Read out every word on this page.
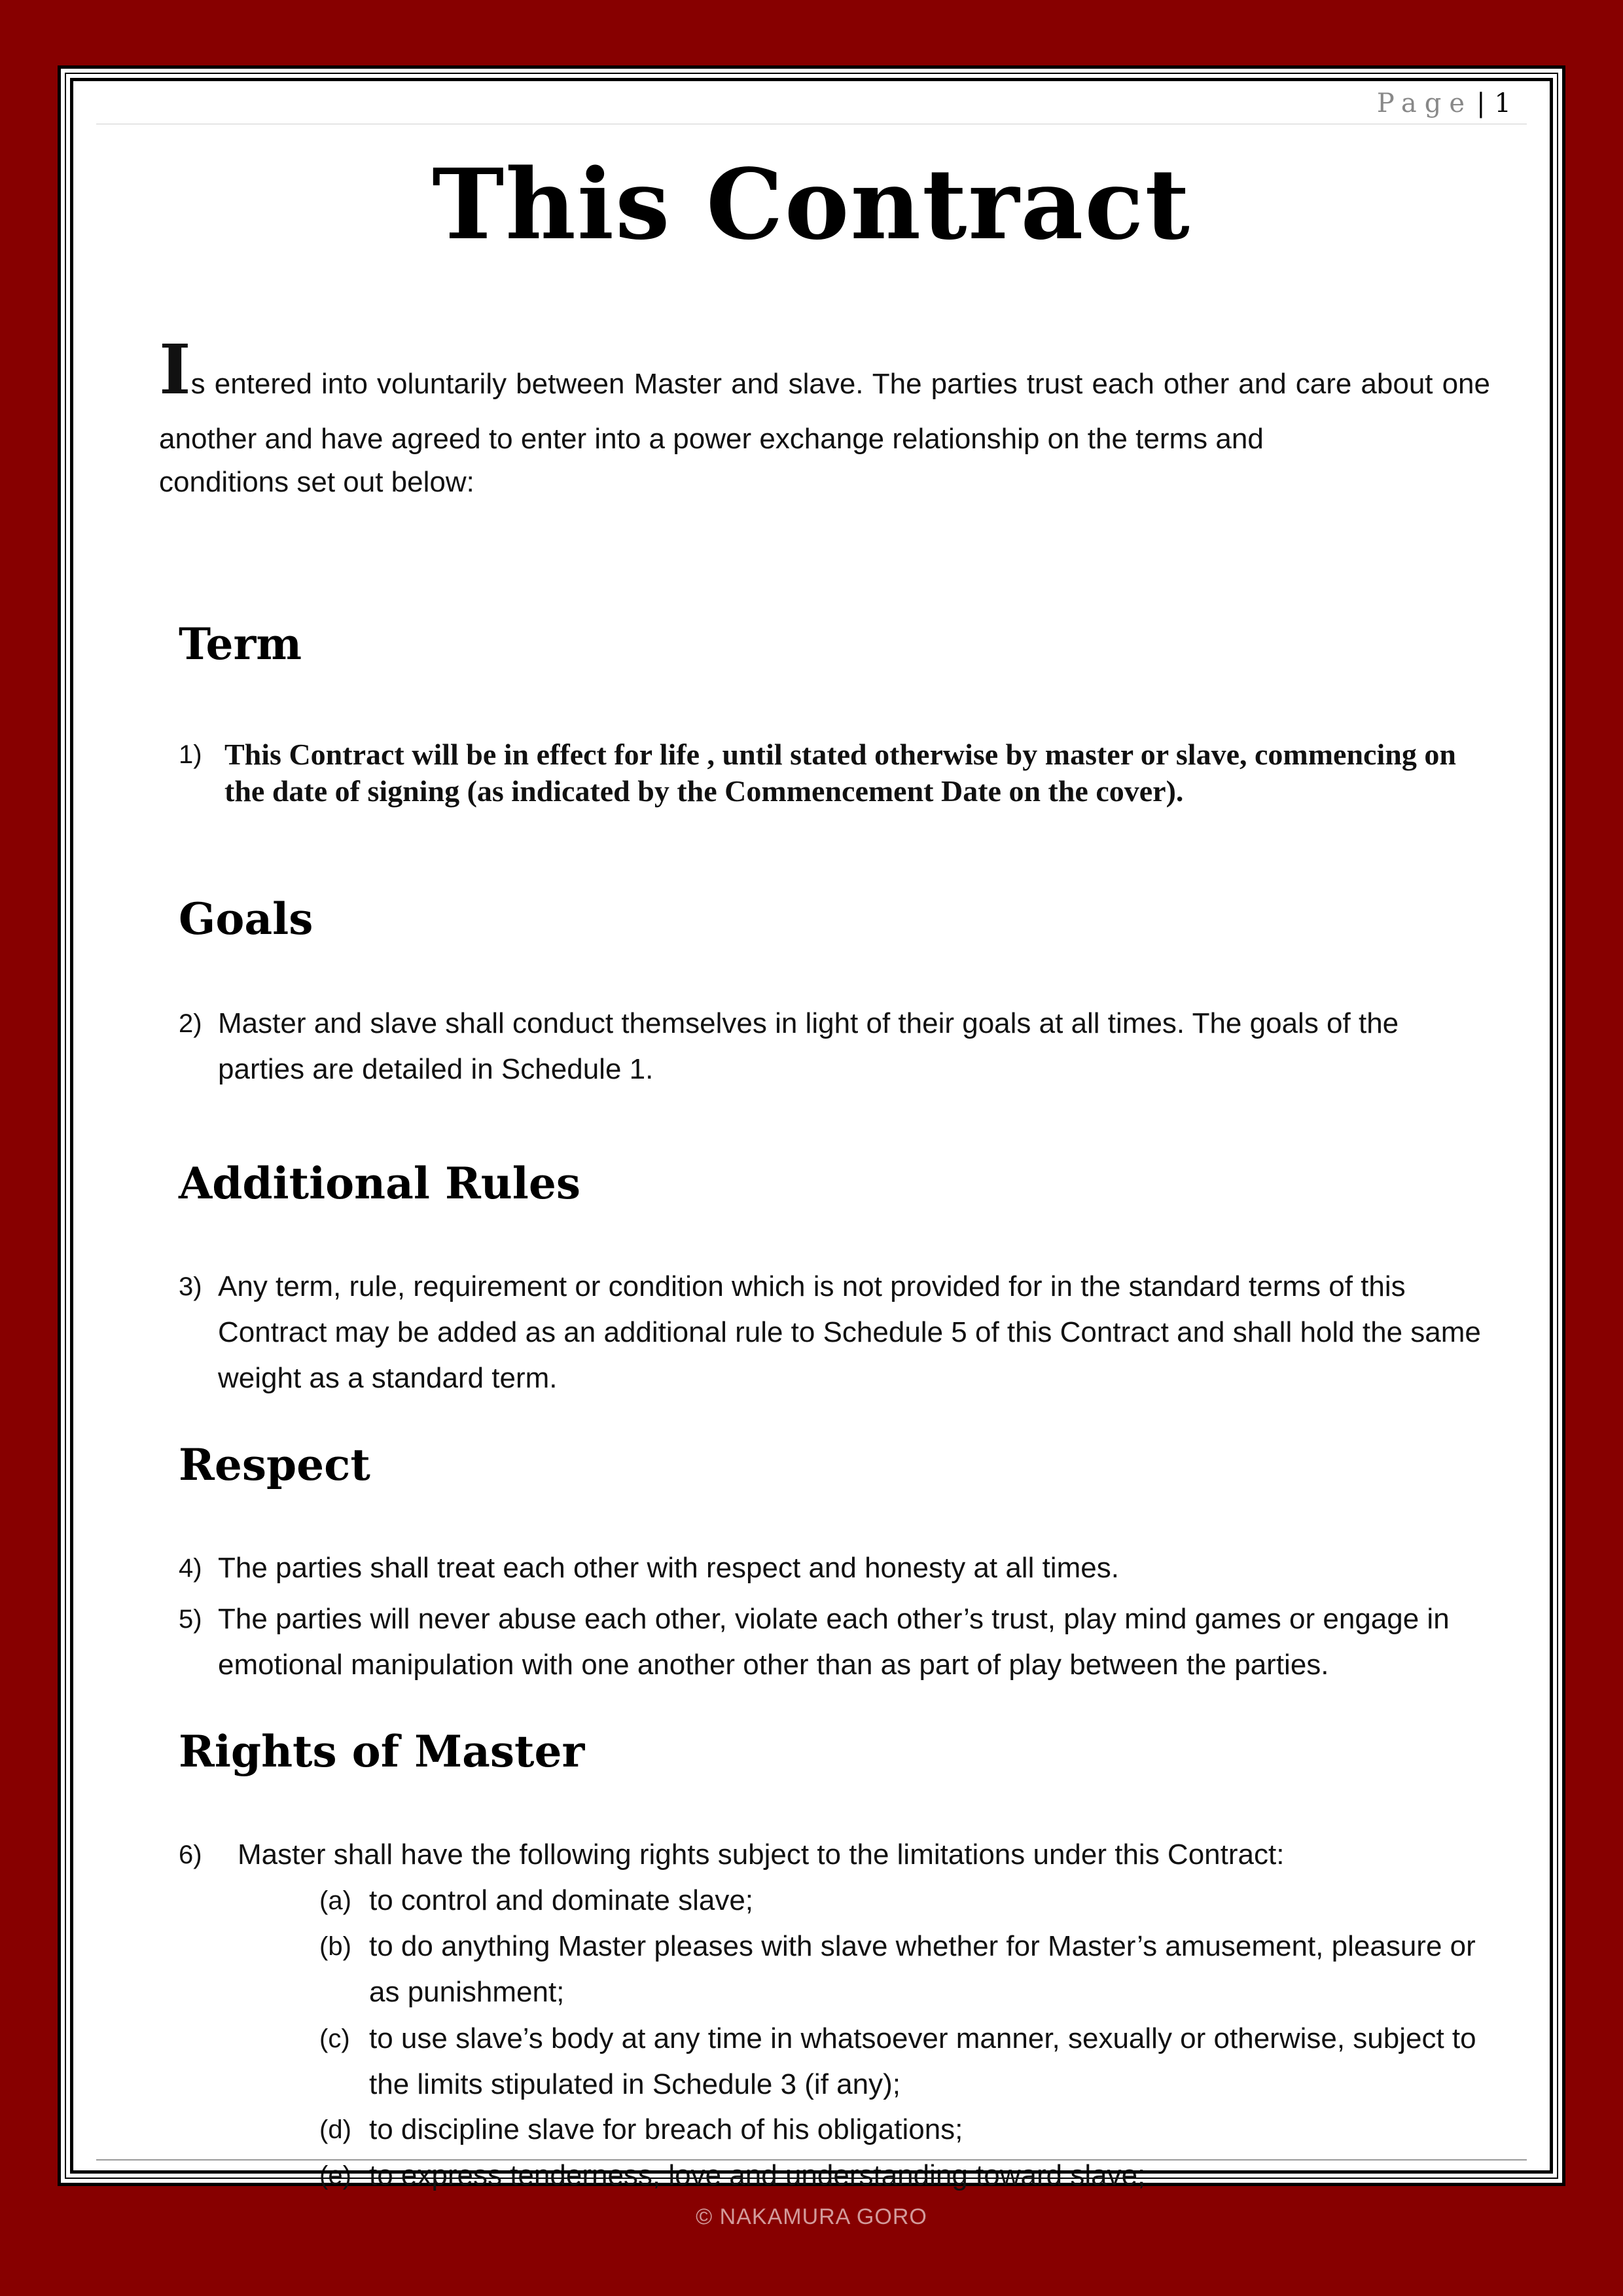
Page | 1
This Contract

Is entered into voluntarily between Master and slave. The parties trust each other and care about one another and have agreed to enter into a power exchange relationship on the terms and
conditions set out below:

Term
1) This Contract will be in effect for life , until stated otherwise by master or slave, commencing on the date of signing (as indicated by the Commencement Date on the cover).
Goals
2) Master and slave shall conduct themselves in light of their goals at all times. The goals of the parties are detailed in Schedule 1.
Additional Rules
3) Any term, rule, requirement or condition which is not provided for in the standard terms of this Contract may be added as an additional rule to Schedule 5 of this Contract and shall hold the same weight as a standard term.
Respect
4) The parties shall treat each other with respect and honesty at all times.
5) The parties will never abuse each other, violate each other’s trust, play mind games or engage in emotional manipulation with one another other than as part of play between the parties.
Rights of Master
6)	Master shall have the following rights subject to the limitations under this Contract:
(a) to control and dominate slave;
(b) to do anything Master pleases with slave whether for Master’s amusement, pleasure or as punishment;
(c) to use slave’s body at any time in whatsoever manner, sexually or otherwise, subject to the limits stipulated in Schedule 3 (if any);
(d) to discipline slave for breach of his obligations;
(e) to express tenderness, love and understanding toward slave;
© NAKAMURA GORO
